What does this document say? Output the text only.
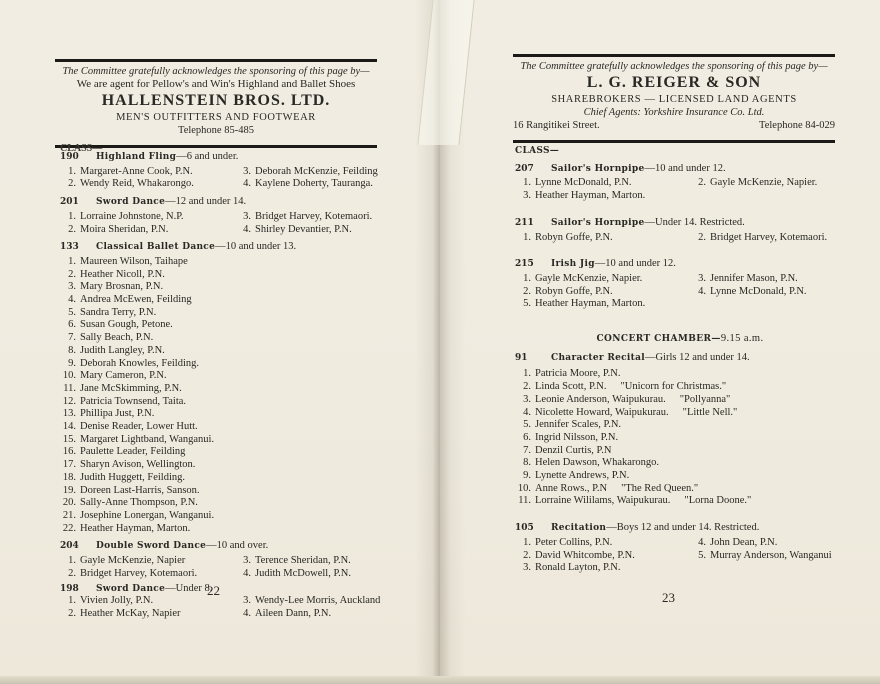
The Committee gratefully acknowledges the sponsoring of this page by—
We are agent for Pellow's and Win's Highland and Ballet Shoes
HALLENSTEIN BROS. LTD.
MEN'S OUTFITTERS AND FOOTWEAR
Telephone 85-485
The Committee gratefully acknowledges the sponsoring of this page by—
L. G. REIGER & SON
SHAREBROKERS — LICENSED LAND AGENTS
Chief Agents: Yorkshire Insurance Co. Ltd.
16 Rangitikei Street.	Telephone 84-029
CLASS—
190	Highland Fling —6 and under.
1. Margaret-Anne Cook, P.N.	3. Deborah McKenzie, Feilding
2. Wendy Reid, Whakarongo.	4. Kaylene Doherty, Tauranga.
201	Sword Dance —12 and under 14.
1. Lorraine Johnstone, N.P.	3. Bridget Harvey, Kotemaori.
2. Moira Sheridan, P.N.	4. Shirley Devantier, P.N.
133	Classical Ballet Dance —10 and under 13.
1. Maureen Wilson, Taihape
2. Heather Nicoll, P.N.
3. Mary Brosnan, P.N.
4. Andrea McEwen, Feilding
5. Sandra Terry, P.N.
6. Susan Gough, Petone.
7. Sally Beach, P.N.
8. Judith Langley, P.N.
9. Deborah Knowles, Feilding.
10. Mary Cameron, P.N.
11. Jane McSkimming, P.N.
12. Patricia Townsend, Taita.
13. Phillipa Just, P.N.
14. Denise Reader, Lower Hutt.
15. Margaret Lightband, Wanganui.
16. Paulette Leader, Feilding
17. Sharyn Avison, Wellington.
18. Judith Huggett, Feilding.
19. Doreen Last-Harris, Sanson.
20. Sally-Anne Thompson, P.N.
21. Josephine Lonergan, Wanganui.
22. Heather Hayman, Marton.
204	Double Sword Dance —10 and over.
1. Gayle McKenzie, Napier	3. Terence Sheridan, P.N.
2. Bridget Harvey, Kotemaori.	4. Judith McDowell, P.N.
198	Sword Dance —Under 8.
1. Vivien Jolly, P.N.	3. Wendy-Lee Morris, Auckland
2. Heather McKay, Napier	4. Aileen Dann, P.N.
22
CLASS—
207	Sailor's Hornpipe —10 and under 12.
1. Lynne McDonald, P.N.	2. Gayle McKenzie, Napier.
3. Heather Hayman, Marton.
211	Sailor's Hornpipe —Under 14. Restricted.
1. Robyn Goffe, P.N.	2. Bridget Harvey, Kotemaori.
215	Irish Jig —10 and under 12.
1. Gayle McKenzie, Napier.	3. Jennifer Mason, P.N.
2. Robyn Goffe, P.N.	4. Lynne McDonald, P.N.
5. Heather Hayman, Marton.
CONCERT CHAMBER—9.15 a.m.
91	Character Recital —Girls 12 and under 14.
1. Patricia Moore, P.N.
2. Linda Scott, P.N. "Unicorn for Christmas."
3. Leonie Anderson, Waipukurau. "Pollyanna"
4. Nicolette Howard, Waipukurau. "Little Nell."
5. Jennifer Scales, P.N.
6. Ingrid Nilsson, P.N.
7. Denzil Curtis, P.N
8. Helen Dawson, Whakarongo.
9. Lynette Andrews, P.N.
10. Anne Rows., P.N "The Red Queen."
11. Lorraine Wililams, Waipukurau. "Lorna Doone."
105	Recitation —Boys 12 and under 14. Restricted.
1. Peter Collins, P.N.	4. John Dean, P.N.
2. David Whitcombe, P.N.	5. Murray Anderson, Wanganui
3. Ronald Layton, P.N.
23
